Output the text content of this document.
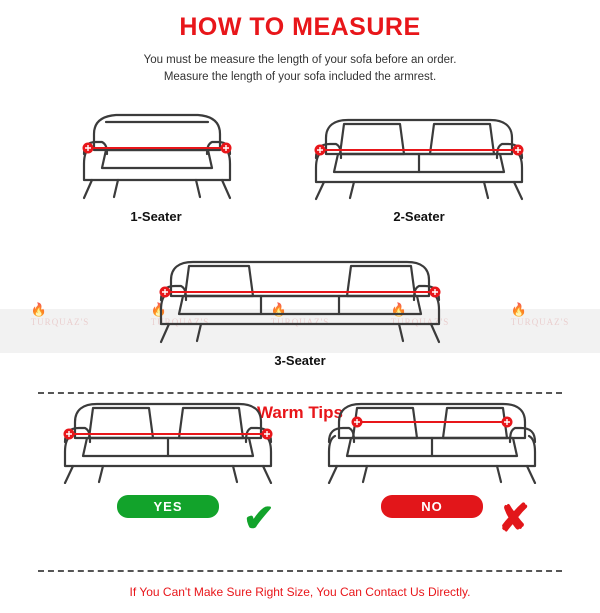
HOW TO MEASURE
You must be measure the length of your sofa before an order.
Measure the length of your sofa included the armrest.
1-Seater	2-Seater
🔥
TURQUAZ'S
🔥
TURQUAZ'S
🔥
TURQUAZ'S
🔥
TURQUAZ'S
🔥
TURQUAZ'S
3-Seater
Warm Tips
YES	NO
✔	✘
If You Can't Make Sure Right Size, You Can Contact Us Directly.
